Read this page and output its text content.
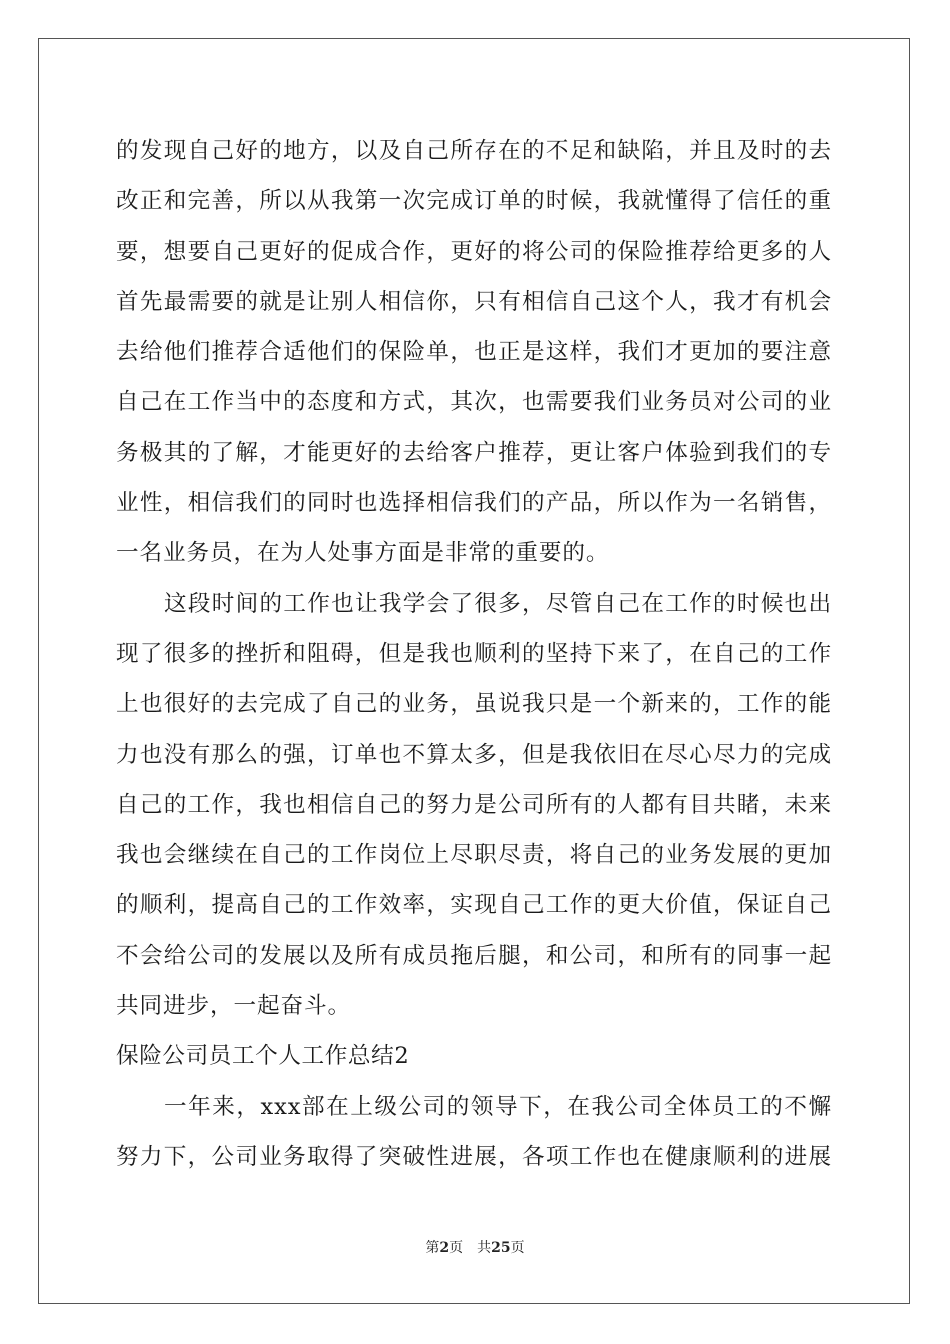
的发现自己好的地方，以及自己所存在的不足和缺陷，并且及时的去
改正和完善，所以从我第一次完成订单的时候，我就懂得了信任的重
要，想要自己更好的促成合作，更好的将公司的保险推荐给更多的人
首先最需要的就是让别人相信你，只有相信自己这个人，我才有机会
去给他们推荐合适他们的保险单，也正是这样，我们才更加的要注意
自己在工作当中的态度和方式，其次，也需要我们业务员对公司的业
务极其的了解，才能更好的去给客户推荐，更让客户体验到我们的专
业性，相信我们的同时也选择相信我们的产品，所以作为一名销售，
一名业务员，在为人处事方面是非常的重要的。
这段时间的工作也让我学会了很多，尽管自己在工作的时候也出
现了很多的挫折和阻碍，但是我也顺利的坚持下来了，在自己的工作
上也很好的去完成了自己的业务，虽说我只是一个新来的，工作的能
力也没有那么的强，订单也不算太多，但是我依旧在尽心尽力的完成
自己的工作，我也相信自己的努力是公司所有的人都有目共睹，未来
我也会继续在自己的工作岗位上尽职尽责，将自己的业务发展的更加
的顺利，提高自己的工作效率，实现自己工作的更大价值，保证自己
不会给公司的发展以及所有成员拖后腿，和公司，和所有的同事一起
共同进步，一起奋斗。
保险公司员工个人工作总结2
一年来，xxx部在上级公司的领导下，在我公司全体员工的不懈
努力下，公司业务取得了突破性进展，各项工作也在健康顺利的进展
第2页 共25页
